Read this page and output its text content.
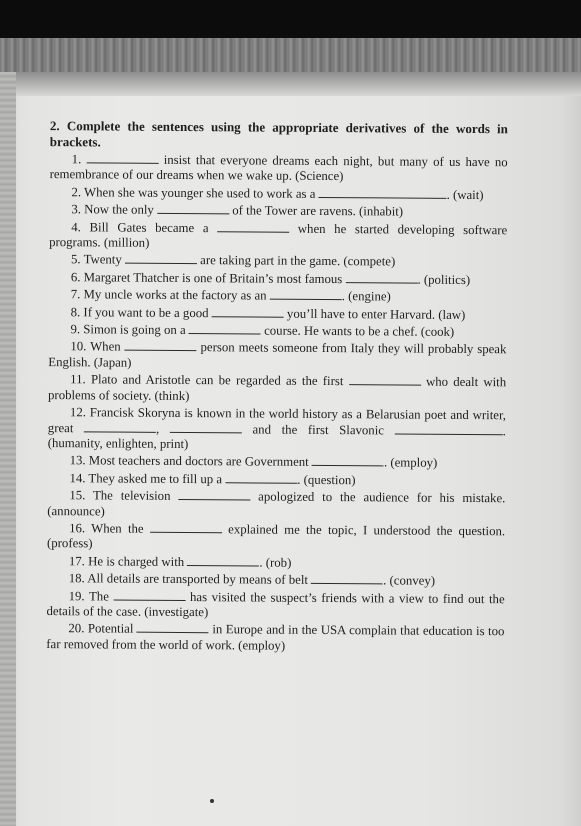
2. Complete the sentences using the appropriate derivatives of the words in brackets.

1.	insist that everyone dreams each night, but many of us have no remembrance of our dreams when we wake up. (Science)

2. When she was younger she used to work as a	. (wait)

3. Now the only	of the Tower are ravens. (inhabit)

4. Bill Gates became a	when he started developing software programs. (million)

5. Twenty	are taking part in the game. (compete)

6. Margaret Thatcher is one of Britain’s most famous	. (politics)

7. My uncle works at the factory as an	. (engine)

8. If you want to be a good	you’ll have to enter Harvard. (law)

9. Simon is going on a	course. He wants to be a chef. (cook)

10. When	person meets someone from Italy they will probably speak English. (Japan)

11. Plato and Aristotle can be regarded as the first	who dealt with problems of society. (think)

12. Francisk Skoryna is known in the world history as a Belarusian poet and writer, great	,	and the first Slavonic	. (humanity, enlighten, print)

13. Most teachers and doctors are Government	. (employ)

14. They asked me to fill up a	. (question)

15. The television	apologized to the audience for his mistake. (announce)

16. When the	explained me the topic, I understood the question. (profess)

17. He is charged with	. (rob)

18. All details are transported by means of belt	. (convey)

19. The	has visited the suspect’s friends with a view to find out the details of the case. (investigate)

20. Potential	in Europe and in the USA complain that education is too far removed from the world of work. (employ)
